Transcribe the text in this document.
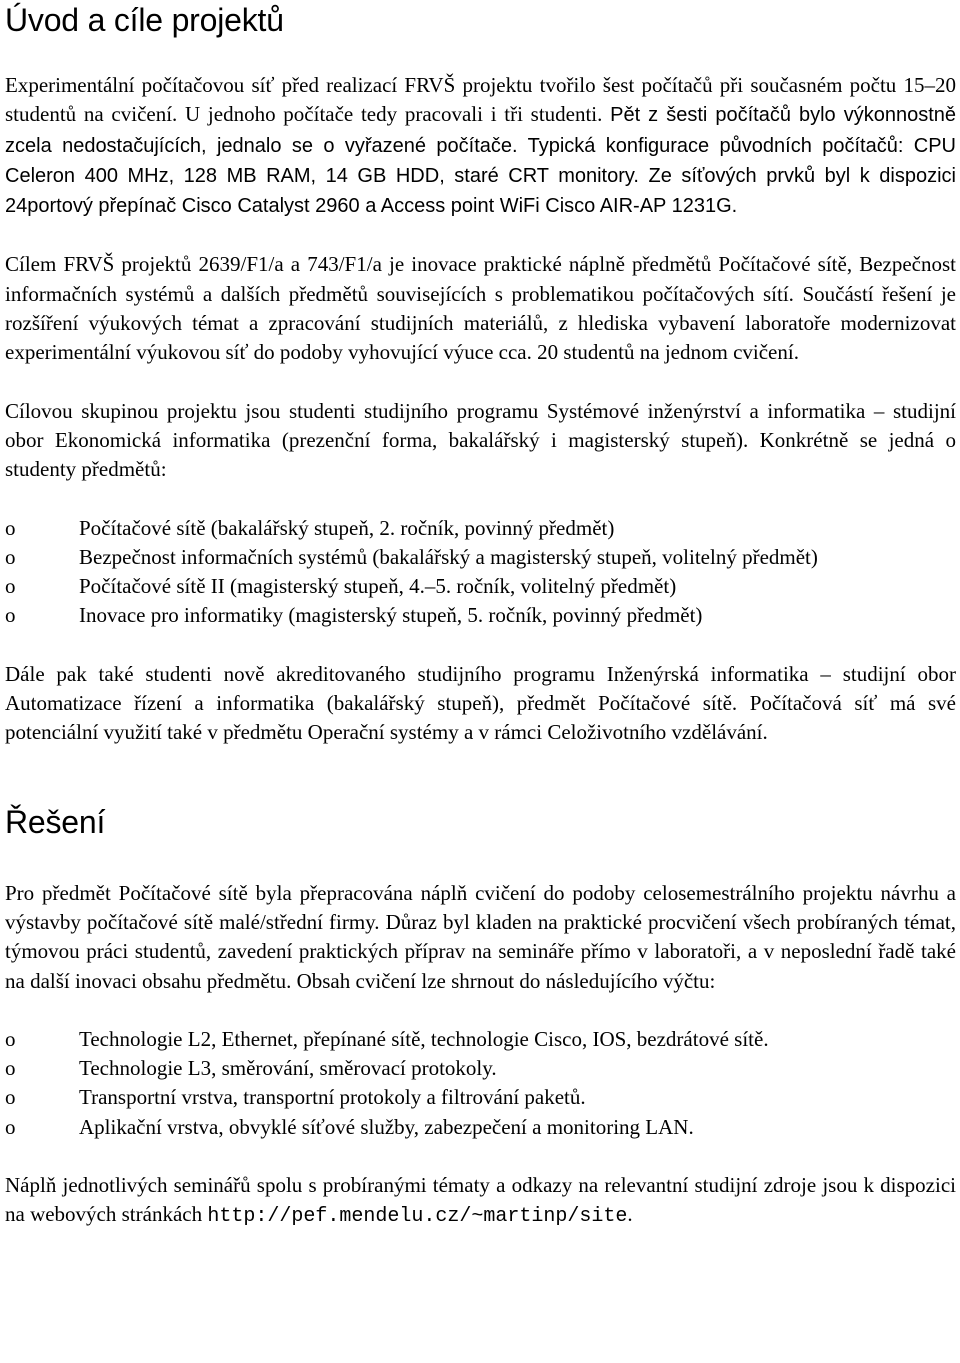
Úvod a cíle projektů

Experimentální počítačovou síť před realizací FRVŠ projektu tvořilo šest počítačů při současném počtu 15–20 studentů na cvičení. U jednoho počítače tedy pracovali i tři studenti. Pět z šesti počítačů bylo výkonnostně zcela nedostačujících, jednalo se o vyřazené počítače. Typická konfigurace původních počítačů: CPU Celeron 400 MHz, 128 MB RAM, 14 GB HDD, staré CRT monitory. Ze síťových prvků byl k dispozici 24portový přepínač Cisco Catalyst 2960 a Access point WiFi Cisco AIR-AP 1231G.

Cílem FRVŠ projektů 2639/F1/a a 743/F1/a je inovace praktické náplně předmětů Počítačové sítě, Bezpečnost informačních systémů a dalších předmětů souvisejících s problematikou počítačových sítí. Součástí řešení je rozšíření výukových témat a zpracování studijních materiálů, z hlediska vybavení laboratoře modernizovat experimentální výukovou síť do podoby vyhovující výuce cca. 20 studentů na jednom cvičení.

Cílovou skupinou projektu jsou studenti studijního programu Systémové inženýrství a informatika – studijní obor Ekonomická informatika (prezenční forma, bakalářský i magisterský stupeň). Konkrétně se jedná o studenty předmětů:

o	Počítačové sítě (bakalářský stupeň, 2. ročník, povinný předmět)
o	Bezpečnost informačních systémů (bakalářský a magisterský stupeň, volitelný předmět)
o	Počítačové sítě II (magisterský stupeň, 4.–5. ročník, volitelný předmět)
o	Inovace pro informatiky (magisterský stupeň, 5. ročník, povinný předmět)

Dále pak také studenti nově akreditovaného studijního programu Inženýrská informatika – studijní obor Automatizace řízení a informatika (bakalářský stupeň), předmět Počítačové sítě. Počítačová síť má své potenciální využití také v předmětu Operační systémy a v rámci Celoživotního vzdělávání.

Řešení

Pro předmět Počítačové sítě byla přepracována náplň cvičení do podoby celosemestrálního projektu návrhu a výstavby počítačové sítě malé/střední firmy. Důraz byl kladen na praktické procvičení všech probíraných témat, týmovou práci studentů, zavedení praktických příprav na semináře přímo v laboratoři, a v neposlední řadě také na další inovaci obsahu předmětu. Obsah cvičení lze shrnout do následujícího výčtu:

o	Technologie L2, Ethernet, přepínané sítě, technologie Cisco, IOS, bezdrátové sítě.
o	Technologie L3, směrování, směrovací protokoly.
o	Transportní vrstva, transportní protokoly a filtrování paketů.
o	Aplikační vrstva, obvyklé síťové služby, zabezpečení a monitoring LAN.

Náplň jednotlivých seminářů spolu s probíranými tématy a odkazy na relevantní studijní zdroje jsou k dispozici na webových stránkách http://pef.mendelu.cz/~martinp/site.
